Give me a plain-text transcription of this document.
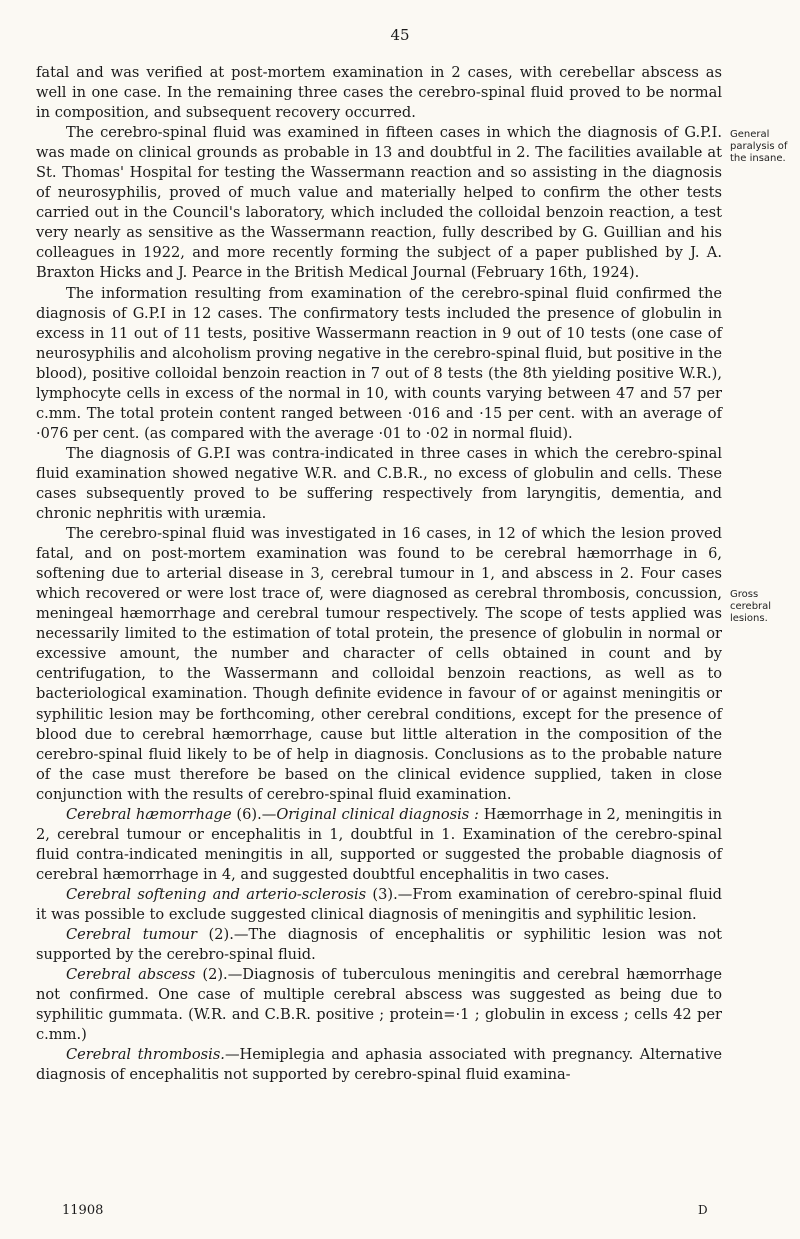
45
General paralysis of the insane.
Gross cerebral lesions.

fatal and was verified at post-mortem examination in 2 cases, with cerebellar abscess as well in one case. In the remaining three cases the cerebro-spinal fluid proved to be normal in composition, and subsequent recovery occurred.

The cerebro-spinal fluid was examined in fifteen cases in which the diagnosis of G.P.I. was made on clinical grounds as probable in 13 and doubtful in 2. The facilities available at St. Thomas' Hospital for testing the Wassermann reaction and so assisting in the diagnosis of neurosyphilis, proved of much value and materially helped to confirm the other tests carried out in the Council's laboratory, which included the colloidal benzoin reaction, a test very nearly as sensitive as the Wassermann reaction, fully described by G. Guillian and his colleagues in 1922, and more recently forming the subject of a paper published by J. A. Braxton Hicks and J. Pearce in the British Medical Journal (February 16th, 1924).

The information resulting from examination of the cerebro-spinal fluid confirmed the diagnosis of G.P.I in 12 cases. The confirmatory tests included the presence of globulin in excess in 11 out of 11 tests, positive Wassermann reaction in 9 out of 10 tests (one case of neurosyphilis and alcoholism proving negative in the cerebro-spinal fluid, but positive in the blood), positive colloidal benzoin reaction in 7 out of 8 tests (the 8th yielding positive W.R.), lymphocyte cells in excess of the normal in 10, with counts varying between 47 and 57 per c.mm. The total protein content ranged between ·016 and ·15 per cent. with an average of ·076 per cent. (as compared with the average ·01 to ·02 in normal fluid).

The diagnosis of G.P.I was contra-indicated in three cases in which the cerebro-spinal fluid examination showed negative W.R. and C.B.R., no excess of globulin and cells. These cases subsequently proved to be suffering respectively from laryngitis, dementia, and chronic nephritis with uræmia.

The cerebro-spinal fluid was investigated in 16 cases, in 12 of which the lesion proved fatal, and on post-mortem examination was found to be cerebral hæmorrhage in 6, softening due to arterial disease in 3, cerebral tumour in 1, and abscess in 2. Four cases which recovered or were lost trace of, were diagnosed as cerebral thrombosis, concussion, meningeal hæmorrhage and cerebral tumour respectively. The scope of tests applied was necessarily limited to the estimation of total protein, the presence of globulin in normal or excessive amount, the number and character of cells obtained in count and by centrifugation, to the Wassermann and colloidal benzoin reactions, as well as to bacteriological examination. Though definite evidence in favour of or against meningitis or syphilitic lesion may be forthcoming, other cerebral conditions, except for the presence of blood due to cerebral hæmorrhage, cause but little alteration in the composition of the cerebro-spinal fluid likely to be of help in diagnosis. Conclusions as to the probable nature of the case must therefore be based on the clinical evidence supplied, taken in close conjunction with the results of cerebro-spinal fluid examination.

Cerebral hæmorrhage (6).—Original clinical diagnosis : Hæmorrhage in 2, meningitis in 2, cerebral tumour or encephalitis in 1, doubtful in 1. Examination of the cerebro-spinal fluid contra-indicated meningitis in all, supported or suggested the probable diagnosis of cerebral hæmorrhage in 4, and suggested doubtful encephalitis in two cases.

Cerebral softening and arterio-sclerosis (3).—From examination of cerebro-spinal fluid it was possible to exclude suggested clinical diagnosis of meningitis and syphilitic lesion.

Cerebral tumour (2).—The diagnosis of encephalitis or syphilitic lesion was not supported by the cerebro-spinal fluid.

Cerebral abscess (2).—Diagnosis of tuberculous meningitis and cerebral hæmorrhage not confirmed. One case of multiple cerebral abscess was suggested as being due to syphilitic gummata. (W.R. and C.B.R. positive ; protein=·1 ; globulin in excess ; cells 42 per c.mm.)

Cerebral thrombosis.—Hemiplegia and aphasia associated with pregnancy. Alternative diagnosis of encephalitis not supported by cerebro-spinal fluid examina-

11908	D
